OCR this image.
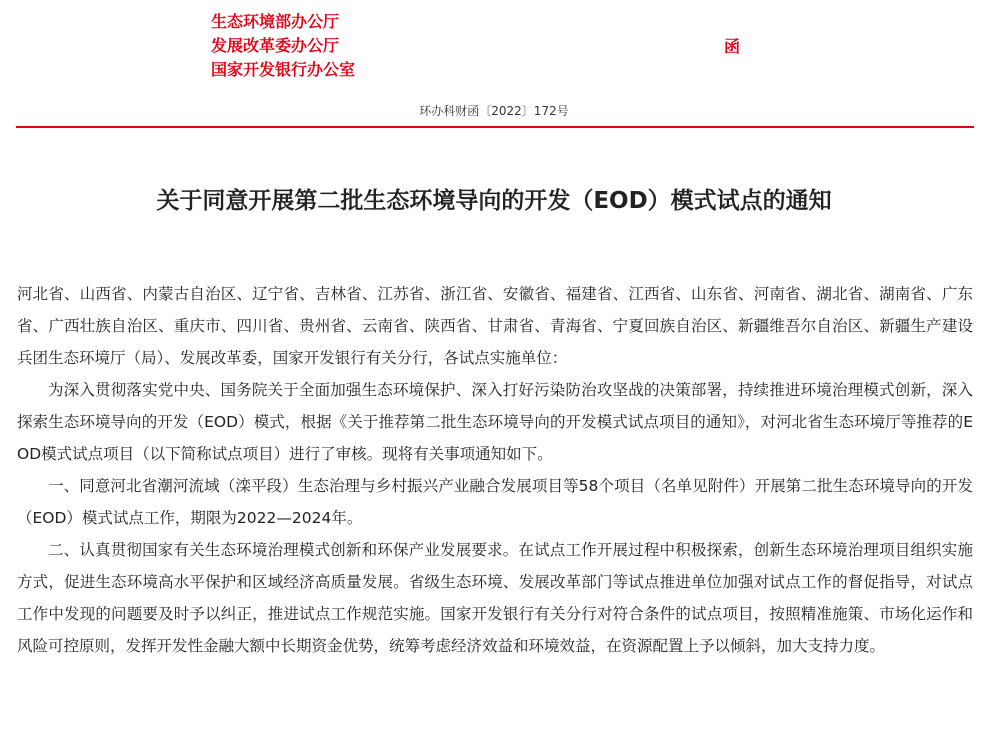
生态环境部办公厅
发展改革委办公厅
国家开发银行办公室
函
环办科财函〔2022〕172号
关于同意开展第二批生态环境导向的开发（EOD）模式试点的通知

河北省、山西省、内蒙古自治区、辽宁省、吉林省、江苏省、浙江省、安徽省、福建省、江西省、山东省、河南省、湖北省、湖南省、广东省、广西壮族自治区、重庆市、四川省、贵州省、云南省、陕西省、甘肃省、青海省、宁夏回族自治区、新疆维吾尔自治区、新疆生产建设兵团生态环境厅（局）、发展改革委，国家开发银行有关分行，各试点实施单位：

为深入贯彻落实党中央、国务院关于全面加强生态环境保护、深入打好污染防治攻坚战的决策部署，持续推进环境治理模式创新，深入探索生态环境导向的开发（EOD）模式，根据《关于推荐第二批生态环境导向的开发模式试点项目的通知》，对河北省生态环境厅等推荐的EOD模式试点项目（以下简称试点项目）进行了审核。现将有关事项通知如下。

一、同意河北省潮河流域（滦平段）生态治理与乡村振兴产业融合发展项目等58个项目（名单见附件）开展第二批生态环境导向的开发（EOD）模式试点工作，期限为2022—2024年。

二、认真贯彻国家有关生态环境治理模式创新和环保产业发展要求。在试点工作开展过程中积极探索，创新生态环境治理项目组织实施方式，促进生态环境高水平保护和区域经济高质量发展。省级生态环境、发展改革部门等试点推进单位加强对试点工作的督促指导，对试点工作中发现的问题要及时予以纠正，推进试点工作规范实施。国家开发银行有关分行对符合条件的试点项目，按照精准施策、市场化运作和风险可控原则，发挥开发性金融大额中长期资金优势，统筹考虑经济效益和环境效益，在资源配置上予以倾斜，加大支持力度。
